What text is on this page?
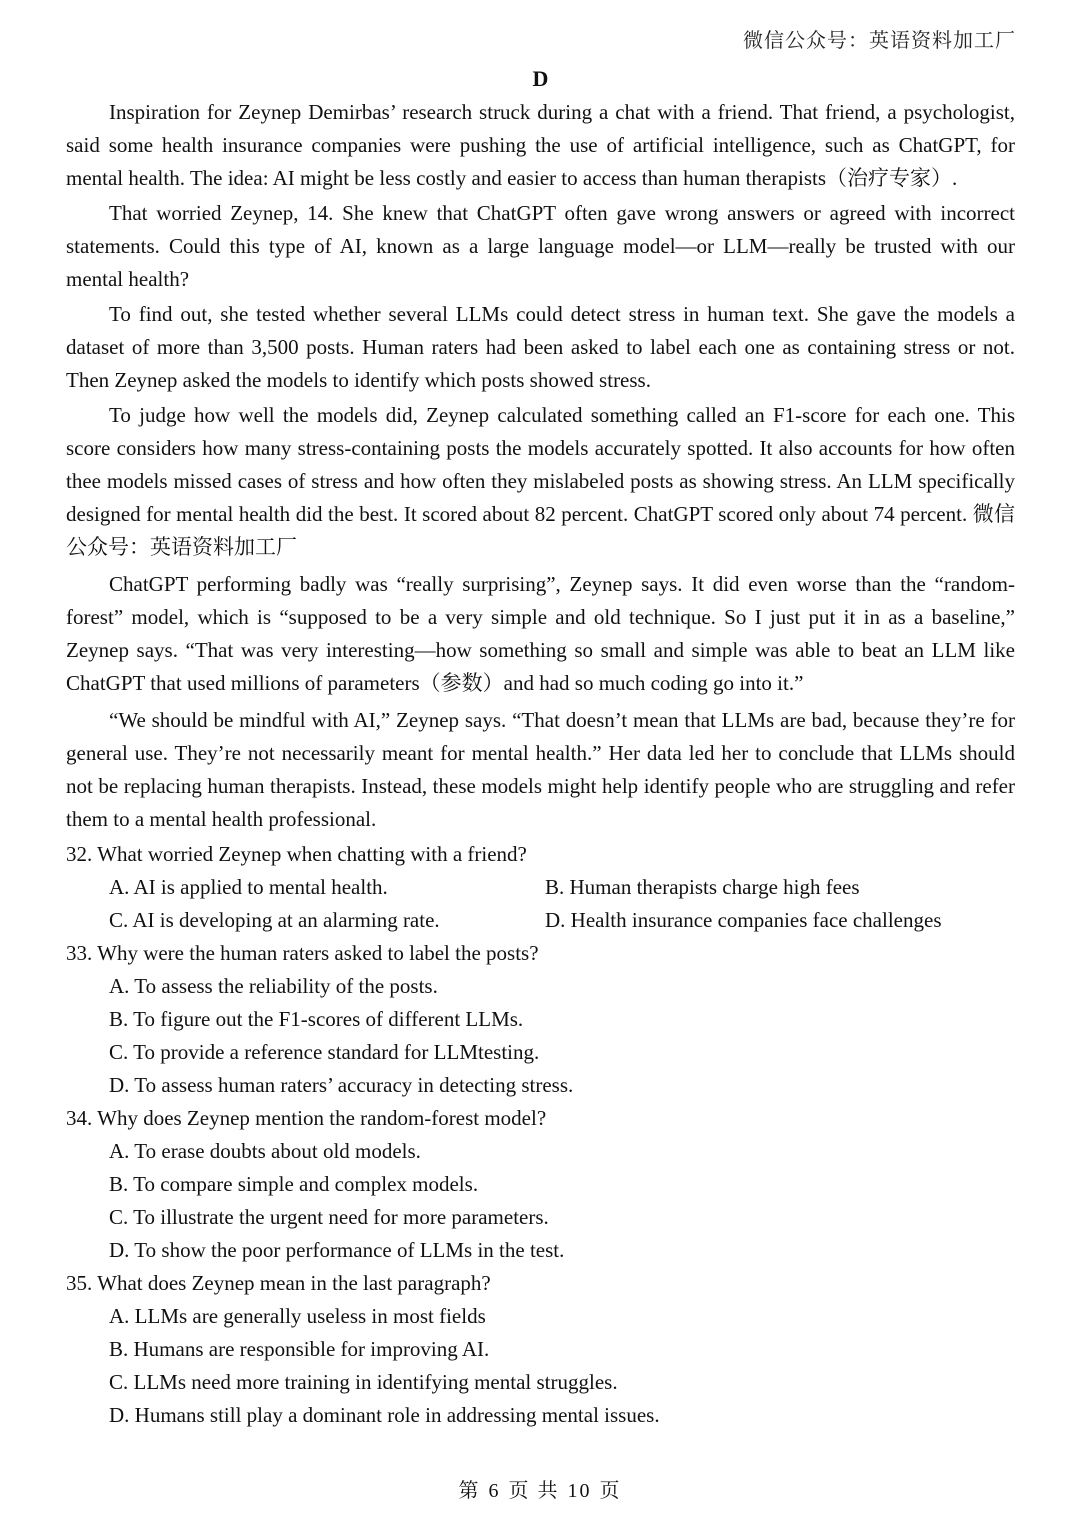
微信公众号：英语资料加工厂
D

Inspiration for Zeynep Demirbas’ research struck during a chat with a friend. That friend, a psychologist, said some health insurance companies were pushing the use of artificial intelligence, such as ChatGPT, for mental health. The idea: AI might be less costly and easier to access than human therapists（治疗专家）.

That worried Zeynep, 14. She knew that ChatGPT often gave wrong answers or agreed with incorrect statements. Could this type of AI, known as a large language model—or LLM—really be trusted with our mental health?

To find out, she tested whether several LLMs could detect stress in human text. She gave the models a dataset of more than 3,500 posts. Human raters had been asked to label each one as containing stress or not. Then Zeynep asked the models to identify which posts showed stress.

To judge how well the models did, Zeynep calculated something called an F1-score for each one. This score considers how many stress-containing posts the models accurately spotted. It also accounts for how often thee models missed cases of stress and how often they mislabeled posts as showing stress. An LLM specifically designed for mental health did the best. It scored about 82 percent. ChatGPT scored only about 74 percent. 微信公众号：英语资料加工厂

ChatGPT performing badly was “really surprising”, Zeynep says. It did even worse than the “random-forest” model, which is “supposed to be a very simple and old technique. So I just put it in as a baseline,” Zeynep says. “That was very interesting—how something so small and simple was able to beat an LLM like ChatGPT that used millions of parameters（参数）and had so much coding go into it.”

“We should be mindful with AI,” Zeynep says. “That doesn’t mean that LLMs are bad, because they’re for general use. They’re not necessarily meant for mental health.” Her data led her to conclude that LLMs should not be replacing human therapists. Instead, these models might help identify people who are struggling and refer them to a mental health professional.

32. What worried Zeynep when chatting with a friend?

A. AI is applied to mental health.	B. Human therapists charge high fees
C. AI is developing at an alarming rate.	D. Health insurance companies face challenges

33. Why were the human raters asked to label the posts?

A. To assess the reliability of the posts.
B. To figure out the F1-scores of different LLMs.
C. To provide a reference standard for LLMtesting.
D. To assess human raters’ accuracy in detecting stress.

34. Why does Zeynep mention the random-forest model?

A. To erase doubts about old models.
B. To compare simple and complex models.
C. To illustrate the urgent need for more parameters.
D. To show the poor performance of LLMs in the test.

35. What does Zeynep mean in the last paragraph?

A. LLMs are generally useless in most fields
B. Humans are responsible for improving AI.
C. LLMs need more training in identifying mental struggles.
D. Humans still play a dominant role in addressing mental issues.
第 6 页 共 10 页
